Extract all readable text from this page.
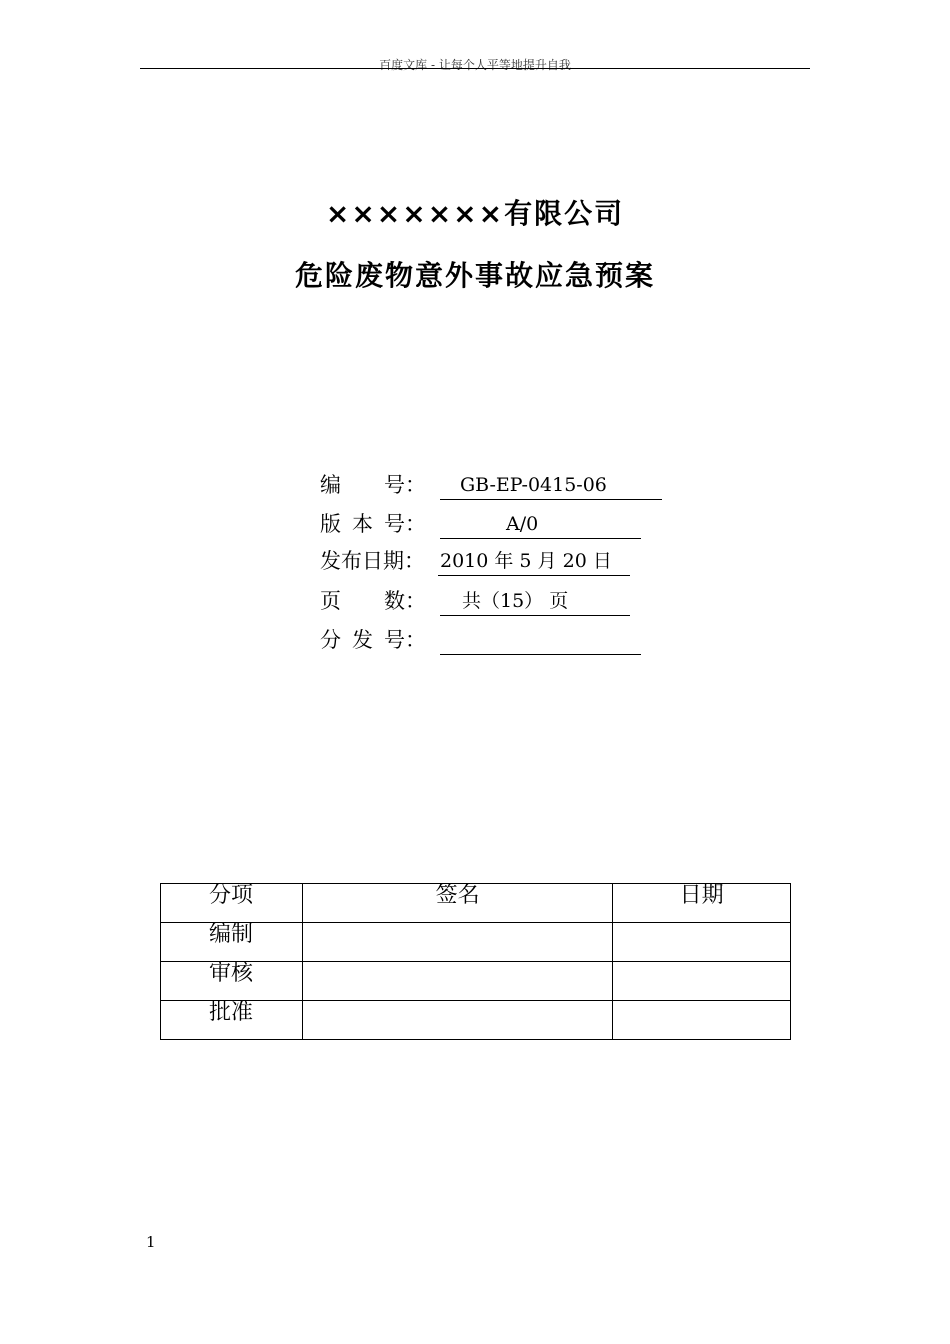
百度文库 - 让每个人平等地提升自我
×××××××有限公司
危险废物意外事故应急预案
编 号：	GB-EP-0415-06
版 本 号：	A/0
发布日期： 2010 年 5 月 20 日
页 数：	共（15） 页
分 发 号：
分项	签名	日期
编制		
审核		
批准		
1
